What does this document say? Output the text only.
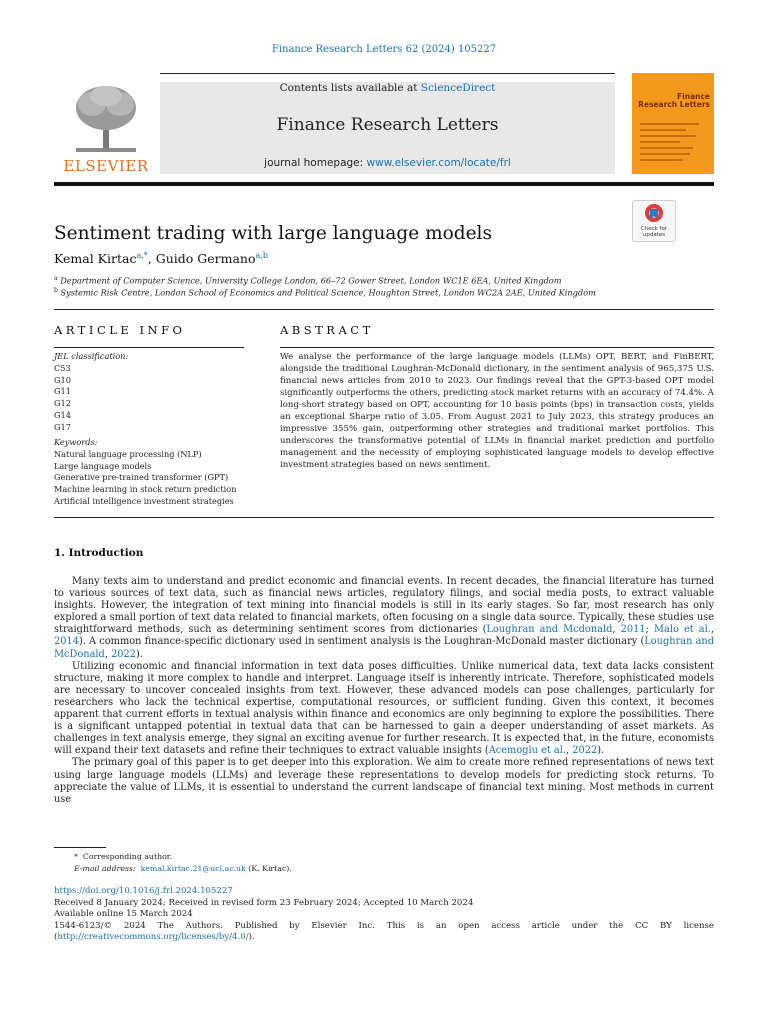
Finance Research Letters 62 (2024) 105227
ELSEVIER
Contents lists available at ScienceDirect
Finance Research Letters
journal homepage: www.elsevier.com/locate/frl
Finance Research Letters
Check for updates
Sentiment trading with large language models
Kemal Kirtac$^{a,*}$, Guido Germano$^{a,b}$
$^a$ Department of Computer Science, University College London, 66–72 Gower Street, London WC1E 6EA, United Kingdom
$^b$ Systemic Risk Centre, London School of Economics and Political Science, Houghton Street, London WC2A 2AE, United Kingdom
ARTICLE INFO
JEL classification:
C53
G10
G11
G12
G14
G17
Keywords:
Natural language processing (NLP)
Large language models
Generative pre-trained transformer (GPT)
Machine learning in stock return prediction
Artificial intelligence investment strategies
ABSTRACT
We analyse the performance of the large language models (LLMs) OPT, BERT, and FinBERT, alongside the traditional Loughran-McDonald dictionary, in the sentiment analysis of 965,375 U.S. financial news articles from 2010 to 2023. Our findings reveal that the GPT-3-based OPT model significantly outperforms the others, predicting stock market returns with an accuracy of 74.4%. A long-short strategy based on OPT, accounting for 10 basis points (bps) in transaction costs, yields an exceptional Sharpe ratio of 3.05. From August 2021 to July 2023, this strategy produces an impressive 355% gain, outperforming other strategies and traditional market portfolios. This underscores the transformative potential of LLMs in financial market prediction and portfolio management and the necessity of employing sophisticated language models to develop effective investment strategies based on news sentiment.
1. Introduction

Many texts aim to understand and predict economic and financial events. In recent decades, the financial literature has turned to various sources of text data, such as financial news articles, regulatory filings, and social media posts, to extract valuable insights. However, the integration of text mining into financial models is still in its early stages. So far, most research has only explored a small portion of text data related to financial markets, often focusing on a single data source. Typically, these studies use straightforward methods, such as determining sentiment scores from dictionaries (Loughran and Mcdonald, 2011; Malo et al., 2014). A common finance-specific dictionary used in sentiment analysis is the Loughran-McDonald master dictionary (Loughran and McDonald, 2022).

Utilizing economic and financial information in text data poses difficulties. Unlike numerical data, text data lacks consistent structure, making it more complex to handle and interpret. Language itself is inherently intricate. Therefore, sophisticated models are necessary to uncover concealed insights from text. However, these advanced models can pose challenges, particularly for researchers who lack the technical expertise, computational resources, or sufficient funding. Given this context, it becomes apparent that current efforts in textual analysis within finance and economics are only beginning to explore the possibilities. There is a significant untapped potential in textual data that can be harnessed to gain a deeper understanding of asset markets. As challenges in text analysis emerge, they signal an exciting avenue for further research. It is expected that, in the future, economists will expand their text datasets and refine their techniques to extract valuable insights (Acemoglu et al., 2022).

The primary goal of this paper is to get deeper into this exploration. We aim to create more refined representations of news text using large language models (LLMs) and leverage these representations to develop models for predicting stock returns. To appreciate the value of LLMs, it is essential to understand the current landscape of financial text mining. Most methods in current use

* Corresponding author.
E-mail address: kemal.kirtac.21@ucl.ac.uk (K. Kirtac).
https://doi.org/10.1016/j.frl.2024.105227
Received 8 January 2024; Received in revised form 23 February 2024; Accepted 10 March 2024
Available online 15 March 2024
1544-6123/© 2024 The Authors. Published by Elsevier Inc. This is an open access article under the CC BY license
(http://creativecommons.org/licenses/by/4.0/).
